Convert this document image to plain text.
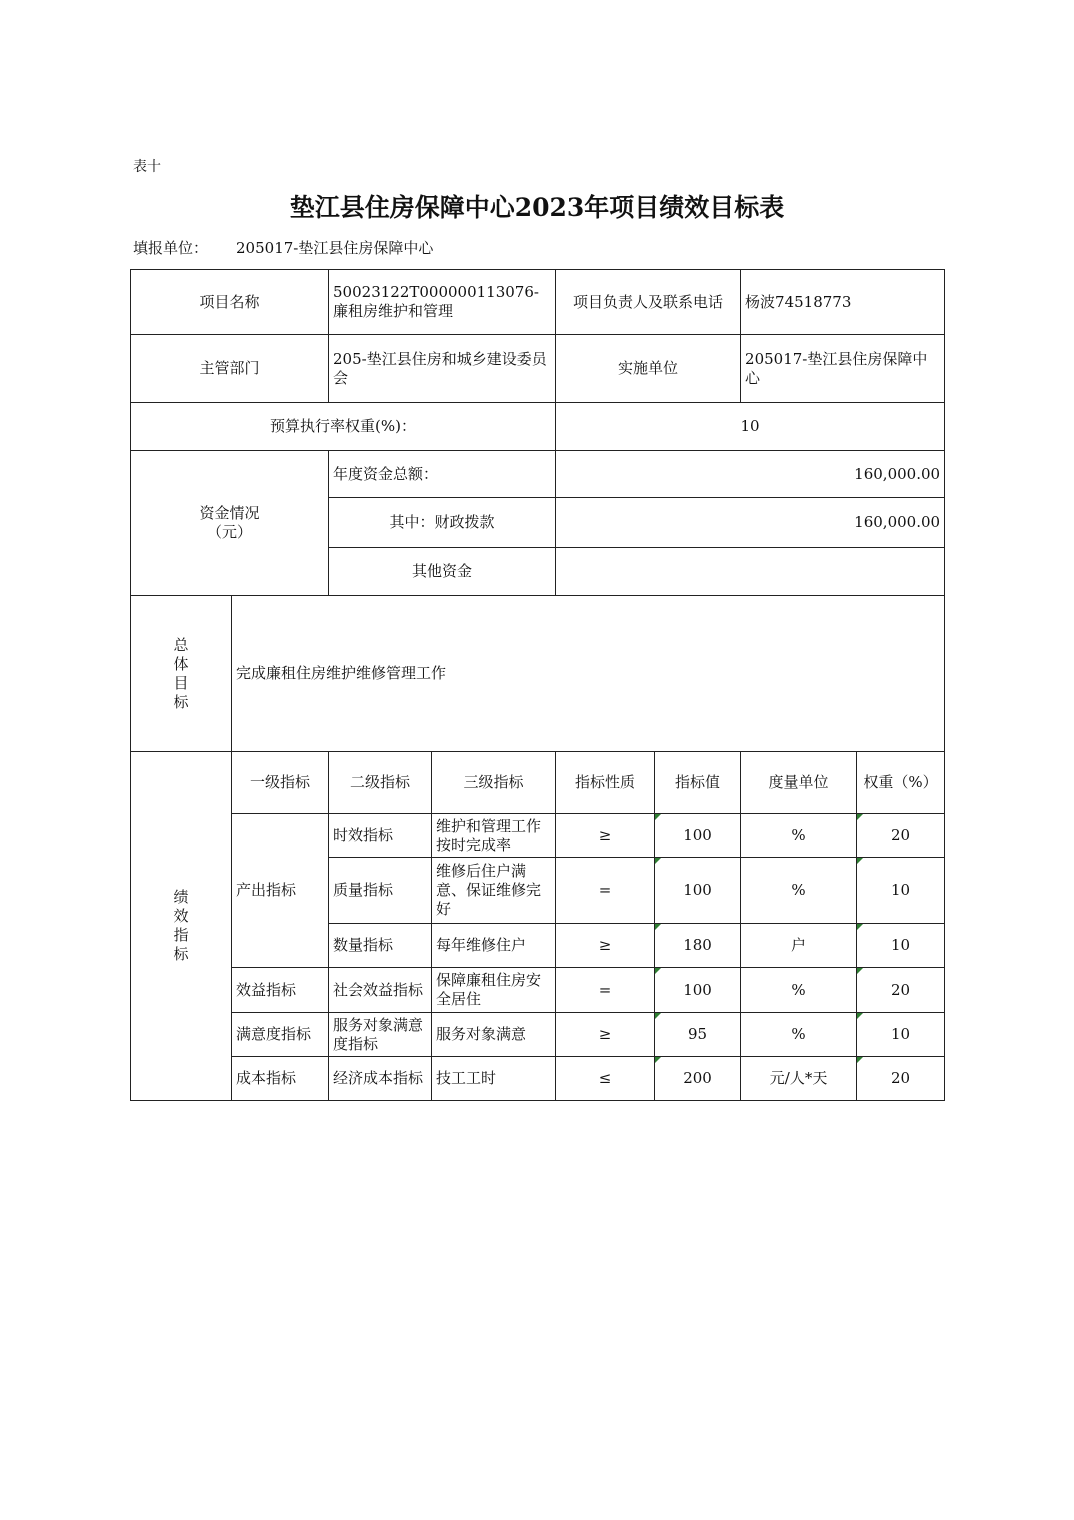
表十
垫江县住房保障中心2023年项目绩效目标表
填报单位： 205017-垫江县住房保障中心
项目名称		50023122T000000113076-廉租房维护和管理		项目负责人及联系电话		杨波74518773	
主管部门		205-垫江县住房和城乡建设委员会		实施单位		205017-垫江县住房保障中心	
预算执行率权重(%)：				10			

资金情况
（元）		年度资金总额：		160,000.00			
		其中：财政拨款		160,000.00			
		其他资金					

总
体
目
标	完成廉租住房维护维修管理工作						

绩
效
指
标	一级指标	二级指标	三级指标	指标性质	指标值	度量单位	权重（%）
	产出指标	时效指标	维护和管理工作按时完成率	≥	100	%	20
		质量指标	维修后住户满意、保证维修完好	=	100	%	10
		数量指标	每年维修住户	≥	180	户	10
	效益指标	社会效益指标	保障廉租住房安全居住	=	100	%	20
	满意度指标	服务对象满意度指标	服务对象满意	≥	95	%	10
	成本指标	经济成本指标	技工工时	≤	200	元/人*天	20
